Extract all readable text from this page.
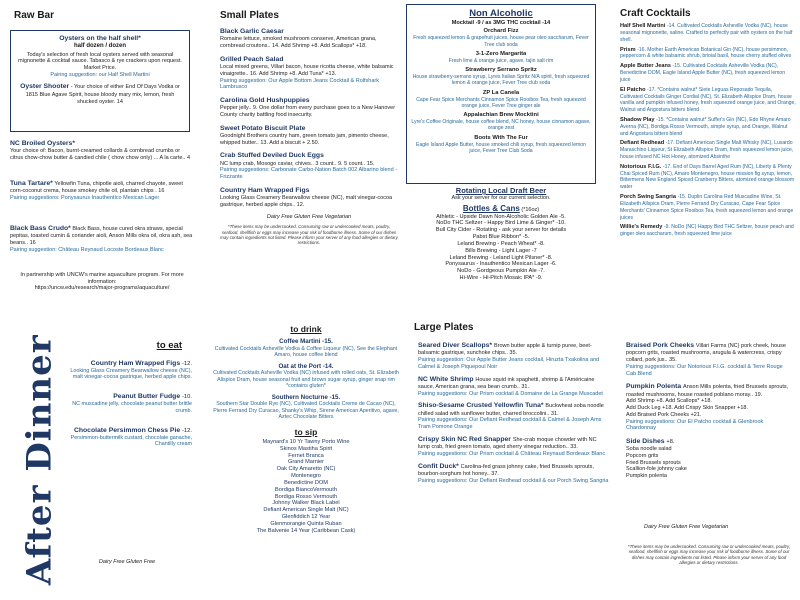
Raw Bar
Oysters on the half shell*
half dozen / dozen
Today's selection of fresh local oysters served with seasonal mignonette & cocktail sauce. Tabasco & rye crackers upon request. Market Price.
Pairing suggestion: our Half Shell Martini
Oyster Shooter - Your choice of either End Of Days Vodka or 1815 Blue Agave Spirit, house bloody mary mix, lemon, fresh shucked oyster. 14
NC Broiled Oysters*
Your choice of: Bacon, burnt-creamed collards & cornbread crumbs or citrus chow-chow butter & candied chile ( chow chow only) ... A la carte.. 4
Tuna Tartare* Yellowfin Tuna, chipotle aioli, charred chayote, sweet corn-coconut crema, house smokey chile oil, plantain chips . 16
Pairing suggestions: Ponysaurus Inauthentico Mexican Lager
Black Bass Crudo* Black Bass, house cured okra straws, special pepitas, toasted cumin & coriander aioli, Anson Mills okra oil, okra ash, sea beans.. 16
Pairing suggestion: Château Reynaud Locoste Bordeaux Blanc
In partnership with UNCW's marine aquaculture program. For more information:
https://uncw.edu/research/major-programs/aquaculture/
Small Plates
Black Garlic Caesar
Romaine lettuce, smoked mushroom conserve, American grana, cornbread croutons.. 14. Add Shrimp +8. Add Scallops* +18.
Grilled Peach Salad
Local mixed greens, Villari bacon, house ricotta cheese, white balsamic vinaigrette.. 16. Add Shrimp +8. Add Tuna* +13.
Pairing suggestion: Our Apple Bottom Jeans Cocktail & Rolfshark Lambrusco
Carolina Gold Hushpuppies
Pepper jelly.. 9. One dollar from every purchase goes to a New Hanover County charity battling food insecurity.
Sweet Potato Biscuit Plate
Goodnight Brothers country ham, green tomato jam, pimento cheese, whipped butter.. 13. Add a biscuit + 2.50.
Crab Stuffed Deviled Duck Eggs
NC lump crab, Mosogo caviar, chives.. 3 count.. 9. 5 count.. 15.
Pairing suggestions: Carbonate Carbo-Nation Batch 002 Albarino blend - Frizzante
Country Ham Wrapped Figs
Looking Glass Creamery Bearwallow cheese (NC), malt vinegar-cocoa gastrique, herbed apple chips.. 12.
Dairy Free Gluten Free Vegetarian
*These items may be undercooked. Consuming raw or undercooked meats, poultry, seafood, shellfish or eggs may increase your risk of foodborne illness. Some of our dishes may contain ingredients not listed. Please inform your server of any food allergies or dietary restrictions.
Non Alcoholic
Mocktail -9 / as 3MG THC cocktail -14
Orchard Fizz
Fresh squeezed lemon & grapefruit juices, house pear oleo saccharum, Fever Tree club soda
3-1-Zero Margarita
Fresh lime & orange juice, agave, tajin salt rim
Strawberry Serrano Spritz
House strawberry-serrano syrup, Lyres Italian Spritz N/A spirit, fresh squeezed lemon & orange juice, Fever Tree club soda
ZP La Canela
Cape Fear Spice Merchants Cinnamon Spice Rooibos Tea, fresh squeezed orange juice, Fever Tree ginger ale
Appalachian Brew Mocktini
Lyre's Coffee Originale, house coffee blend, NC honey, house cinnamon agave, orange zest
Boots With The Fur
Eagle Island Apple Butter, house smoked chili syrup, fresh squeezed lemon juice, Fever Tree Club Soda
Rotating Local Draft Beer
Ask your server for our current selection.
Bottles & Cans (*16oz)
Athletic - Upside Dawn Non-Alcoholic Golden Ale -5.
NoDo THC Seltzer - Happy Bird Lime & Ginger* -10.
Bull City Cider - Rotating - ask your server for details
Pabst Blue Ribbon* -5.
Leland Brewing - Peach Wheat* -8.
Bills Brewing - Light Lager -7
Leland Brewing - Leland Light Pilsner* -8.
Ponysaurus - Inauthentico Mexican Lager -6.
NoDo - Gordgeous Pumpkin Ale -7.
Hi-Wire - Hi-Pitch Mosaic IPA* -9.
Craft Cocktails
Half Shell Martini -14. Cultivated Cocktails Asheville Vodka (NC), house seasonal mignonette, saline. Crafted to perfectly pair with oysters on the half shell.
Prism -16. Mother Earth American Botanical Gin (NC), house persimmon, peppercorn & white balsamic shrub, brioial basil, house cherry stuffed olives
Apple Butter Jeans -15. Cultivated Cocktails Asheville Vodka (NC), Benedictine DOM, Eagle Island Apple Butter (NC), fresh squeezed lemon juice
El Patcho -17. *Contains walnut* Siete Leguas Reposado Tequila, Cultivated Cocktails Ginger Cordial (NC), St. Elizabeth Allspice Dram, house vanilla and pumpkin infused honey, fresh squeezed orange juice, and Orange, Walnut and Angostura bitters blend
Shadow Play -15. *Contains walnut* Suffer's Gin (NC), Edo Rhyne Amaro Averna (NC), Bordiga Rosso Vermouth, simple syrup, and Orange, Walnut and Angostura bitters blend
Defiant Redhead -17. Defiant American Single Malt Whisky (NC), Luxardo Maraschino Liqueur, St Elizabeth Allspice Dram, fresh squeezed lemon juice, house infused NC Hot Honey, atomized Absinthe
Notorious F.I.G. -17. End of Days Barrel Aged Rum (NC), Liberty & Plenty Chai Spiced Rum (NC), Amaro Montenegro, house mission fig syrup, lemon, Bittermens New England Spiced Cranberry Bitters, atomized orange blossom water
Porch Swing Sangria -15. Duplin Carolina Red Muscadine Wine, St. Elizabeth Allspice Dram, Pierre Ferrand Dry Curacao, Cape Fear Spice Merchants' Cinnamon Spice Rooibos Tea, fresh squeezed lemon and orange juices
Willie's Remedy -9. NoDo (NC) Happy Bird THC Seltzer, house peach and ginger oleo saccharum, fresh squeezed lime juice
After Dinner	to eat
Country Ham Wrapped Figs -12.
Looking Glass Creamery Bearwallow cheese (NC), malt vinegar-cocoa gastrique, herbed apple chips.
Peanut Butter Fudge -10.
NC muscadine jelly, chocolate peanut butter brittle crumb.
Chocolate Persimmon Chess Pie -12.
Persimmon-buttermilk custard, chocolate ganache, Chantilly cream
Dairy Free Gluten Free
to drink
Coffee Martini -15.
Cultivated Cocktails Asheville Vodka & Coffee Liqueur (NC), See the Elephant Amaro, house coffee blend
Oat at the Port -14.
Cultivated Cocktails Asheville Vodka (NC) infused with rolled oats, St. Elizabeth Allspice Dram, house seasonal fruit and brown sugar syrup, ginger snap rim *contains gluten*
Southern Nocturne -15.
Southern Star Double Rye (NC), Cultivated Cocktails Creme de Cacao (NC), Pierre Ferrand Dry Curacao, Shanky's Whip, Sirene American Aperitivo, agave, Aztec Chocolate Bitters
to sip
Maynard's 10 Yr Tawny Porto Wine
Skinos Mastiha Spirit
Fernet Branca
Grand Marnier
Oak City Amaretto (NC)
Montenegro
Benedictine DOM
Bordiga BiancoVermouth
Bordiga Rosso Vermouth
Johnny Walker Black Label
Defiant American Single Malt (NC)
Glenfiddich 12 Year
Glenmorangie Quinta Ruban
The Balvenie 14 Year (Caribbean Cask)
Large Plates
Seared Diver Scallops* Brown butter apple & turnip puree, beet-balsamic gastrique, sunchoke chips.. 35.
Pairing suggestion: Our Apple Butter Jeans cocktail, Hiruzta Txakolina and Calmel & Joseph Piquepoul Noir
NC White Shrimp House squid ink spaghetti, shrimp & l'Américaine sauce, American grana, sea bean crumb.. 31.
Pairing suggestions: Our Prism cocktail & Domaine de La Grange Muscadet
Shiso-Sesame Crusted Yellowfin Tuna* Buckwheat soba noodle chilled salad with sunflower butter, charred broccolini.. 31.
Pairing suggestions: Our Defiant Redhead cocktail & Calmel & Joseph Ams Tram Pomone Orange
Crispy Skin NC Red Snapper She-crab moque chowder with NC lump crab, fried green tomato, aged sherry vinegar reduction.. 33.
Pairing suggestions: Our Prism cocktail & Château Reynaud Bordeaux Blanc
Confit Duck* Carolina-fed grass johnny cake, fried Brussels sprouts, bourbon-sorghum hot honey.. 37.
Pairing suggestions: Our Defiant Redhead cocktail & our Porch Swing Sangria
Braised Pork Cheeks Villari Farms (NC) pork cheek, house popcorn grits, roasted mushrooms, arugula & watercress, crispy collard, pork jus.. 35.
Pairing suggestions: Our Notorious F.I.G. cocktail & Terre Rouge Cab Blend
Pumpkin Polenta Anson Mills polenta, fried Brussels sprouts, roasted mushrooms, house roasted poblano moray.. 19.
Add Shrimp +8. Add Scallops* +18.
Add Duck Leg +18. Add Crispy Skin Snapper +18.
Add Braised Pork Cheeks +21.
Pairing suggestions: Our El Patcho cocktail & Glenbrook Chardonnay
Side Dishes +8.
Soba noodle salad
Popcorn grits
Fried Brussels sprouts
Scallion-fole johnny cake
Pumpkin polenta
Dairy Free Gluten Free Vegetarian
*These items may be undercooked. Consuming raw or undercooked meats, poultry, seafood, shellfish or eggs may increase your risk of foodborne illness. Some of our dishes may contain ingredients not listed. Please inform your server of any food allergies or dietary restrictions.
